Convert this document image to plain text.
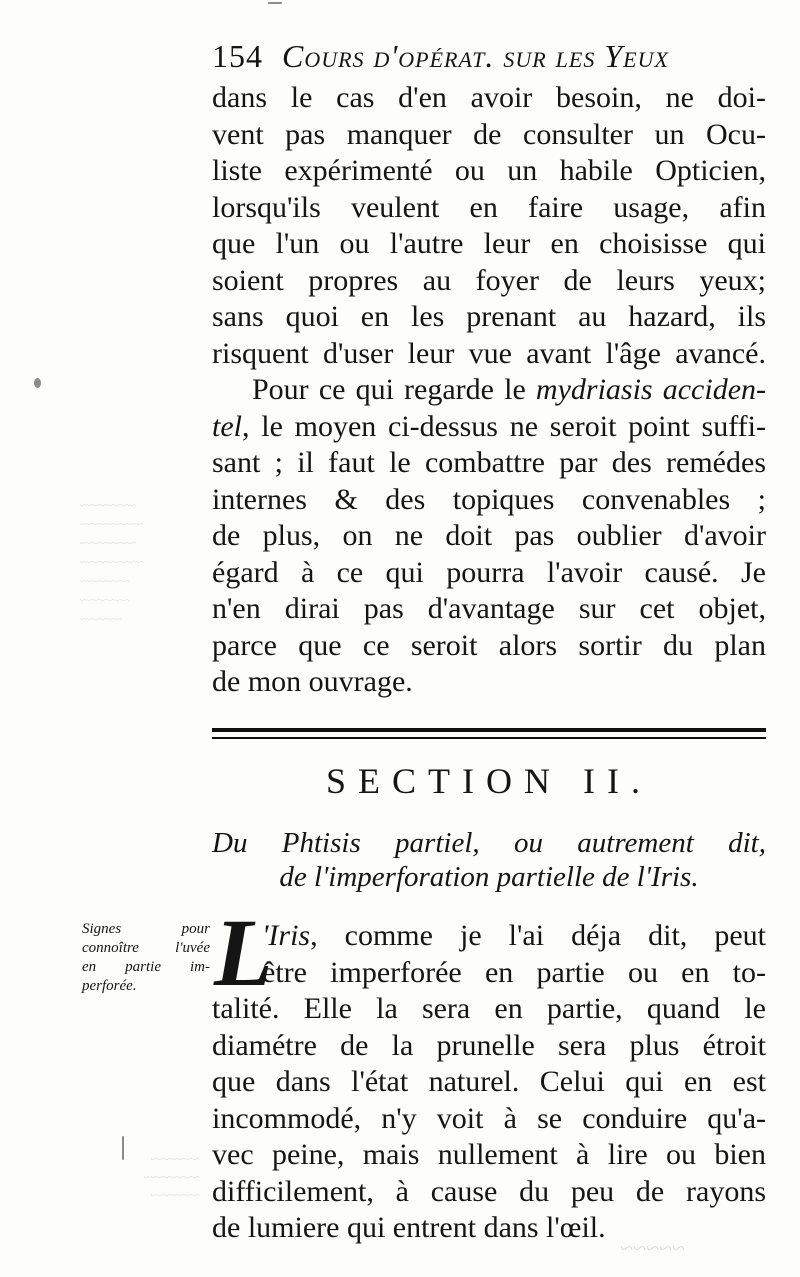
~~~~~~~~
~~~~~~~~~
~~~~~~~~
~~~~~~~~~
~~~~~~~
~~~~~~~
~~~~~~
~~~~~~~
~~~~~~~~
~~~~~~~
154 Cours d'opérat. sur les Yeux
dans le cas d'en avoir besoin, ne doi-
vent pas manquer de consulter un Ocu-
liste expérimenté ou un habile Opticien,
lorsqu'ils veulent en faire usage, afin
que l'un ou l'autre leur en choisisse qui
soient propres au foyer de leurs yeux;
sans quoi en les prenant au hazard, ils
risquent d'user leur vue avant l'âge avancé.
Pour ce qui regarde le mydriasis acciden-
tel, le moyen ci-dessus ne seroit point suffi-
sant ; il faut le combattre par des remédes
internes & des topiques convenables ;
de plus, on ne doit pas oublier d'avoir
égard à ce qui pourra l'avoir causé. Je
n'en dirai pas d'avantage sur cet objet,
parce que ce seroit alors sortir du plan
de mon ouvrage.
SECTION II.
Du Phtisis partiel, ou autrement dit,
de l'imperforation partielle de l'Iris.
Signes pour
connoître l'uvée
en partie im-
perforée. L
'Iris, comme je l'ai déja dit, peut
être imperforée en partie ou en to-
talité. Elle la sera en partie, quand le
diamétre de la prunelle sera plus étroit
que dans l'état naturel. Celui qui en est
incommodé, n'y voit à se conduire qu'a-
vec peine, mais nullement à lire ou bien
difficilement, à cause du peu de rayons
de lumiere qui entrent dans l'œil.
~~~~~
